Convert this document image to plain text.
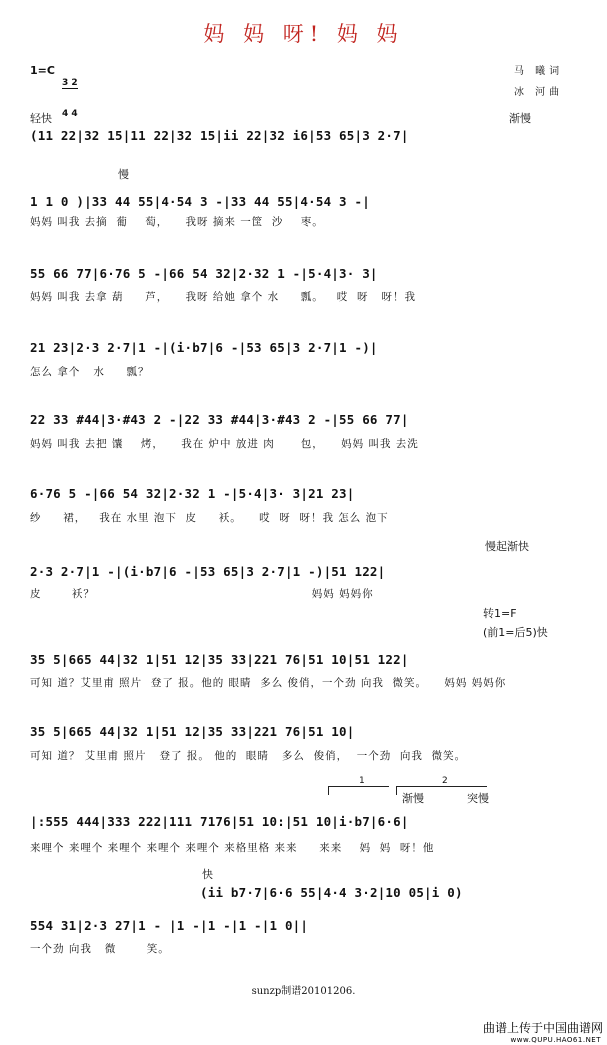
妈 妈 呀! 妈 妈
1=C

3 2

4 4

马 曦词
冰 河曲
轻快	渐慢
慢
慢起渐快
转1=F
(前1=后5)快
渐慢	突慢
快
1	2
(11 22|32 15|11 22|32 15|ii 22|32 i6|53 65|3 2·7|
1 1 0 )|33 44 55|4·54 3 -|33 44 55|4·54 3 -|
妈妈 叫我 去摘  葡    萄，    我呀 摘来 一筐  沙    枣。
55 66 77|6·76 5 -|66 54 32|2·32 1 -|5·4|3· 3|
妈妈 叫我 去拿 葫     芦，    我呀 给她 拿个 水     瓢。   哎  呀   呀！我
21 23|2·3 2·7|1 -|(i·b7|6 -|53 65|3 2·7|1 -)|
怎么 拿个   水     瓢？
22 33 #44|3·#43 2 -|22 33 #44|3·#43 2 -|55 66 77|
妈妈 叫我 去把 馕    烤，    我在 炉中 放进 肉      包，    妈妈 叫我 去洗
6·76 5 -|66 54 32|2·32 1 -|5·4|3· 3|21 23|
纱     裙，   我在 水里 泡下  皮     袄。    哎  呀  呀！我 怎么 泡下
2·3 2·7|1 -|(i·b7|6 -|53 65|3 2·7|1 -)|51 122|
皮       袄？                                                  妈妈 妈妈你
35 5|665 44|32 1|51 12|35 33|221 76|51 10|51 122|
可知 道？艾里甫 照片  登了 报。他的 眼睛  多么 俊俏，一个劲 向我  微笑。    妈妈 妈妈你
35 5|665 44|32 1|51 12|35 33|221 76|51 10|
可知 道？ 艾里甫 照片   登了 报。 他的  眼睛   多么  俊俏，  一个劲  向我  微笑。
|:555 444|333 222|111 7176|51 10:|51 10|i·b7|6·6|
来哩个 来哩个 来哩个 来哩个 来哩个 来格里格 来来     来来    妈  妈  呀！他
(ii b7·7|6·6 55|4·4 3·2|10 05|i 0)
554 31|2·3 27|1 - |1 -|1 -|1 -|1 0||
一个劲 向我   微       笑。
sunzp制谱20101206.
曲谱上传于中国曲谱网
www.QUPU.HAO61.NET
